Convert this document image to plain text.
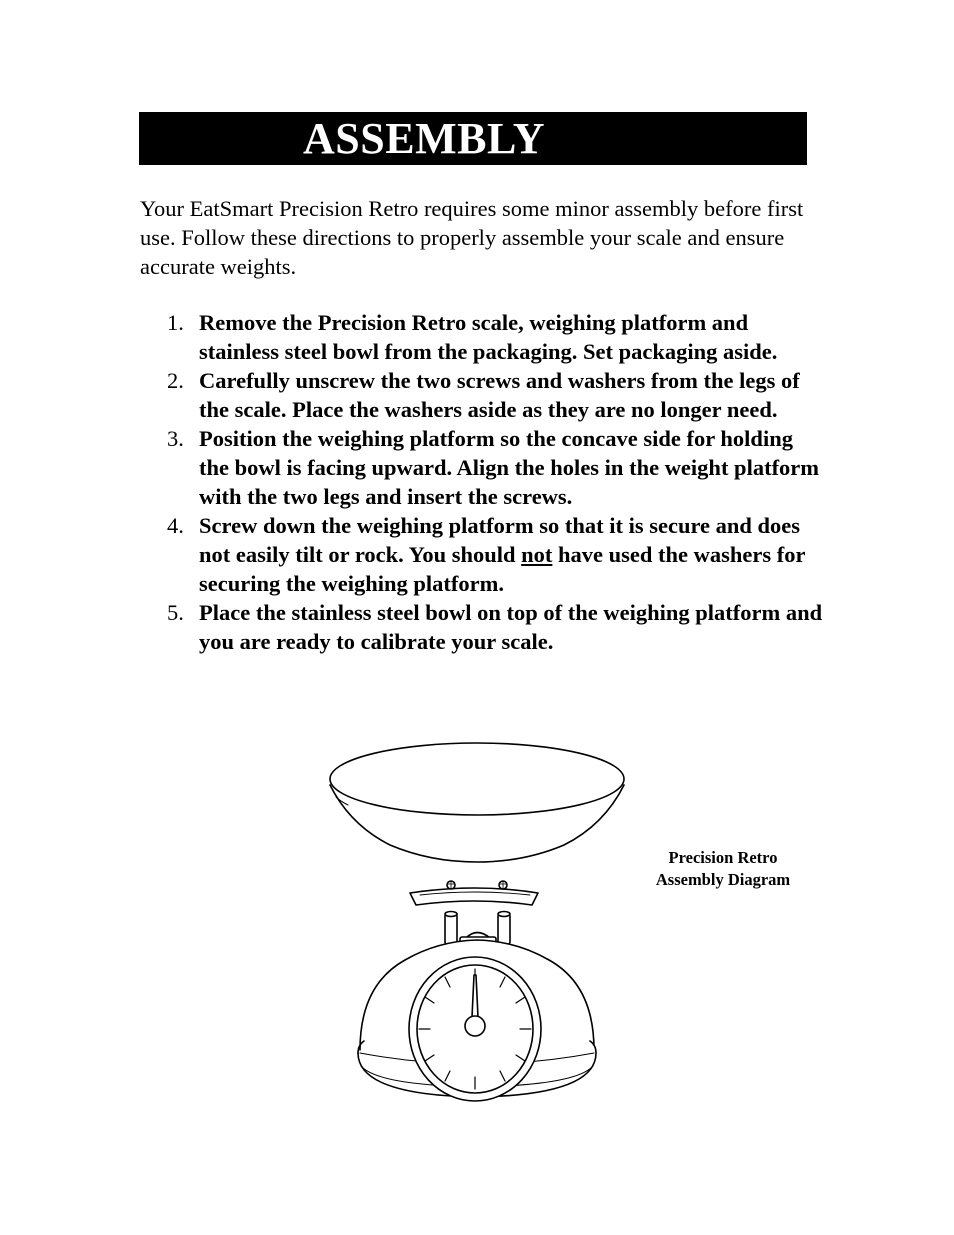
ASSEMBLY

Your EatSmart Precision Retro requires some minor assembly before first use. Follow these directions to properly assemble your scale and ensure accurate weights.

1. Remove the Precision Retro scale, weighing platform and stainless steel bowl from the packaging. Set packaging aside.
2. Carefully unscrew the two screws and washers from the legs of the scale. Place the washers aside as they are no longer need.
3. Position the weighing platform so the concave side for holding the bowl is facing upward. Align the holes in the weight platform with the two legs and insert the screws.
4. Screw down the weighing platform so that it is secure and does not easily tilt or rock. You should not have used the washers for securing the weighing platform.
5. Place the stainless steel bowl on top of the weighing platform and you are ready to calibrate your scale.
Precision Retro
Assembly Diagram
